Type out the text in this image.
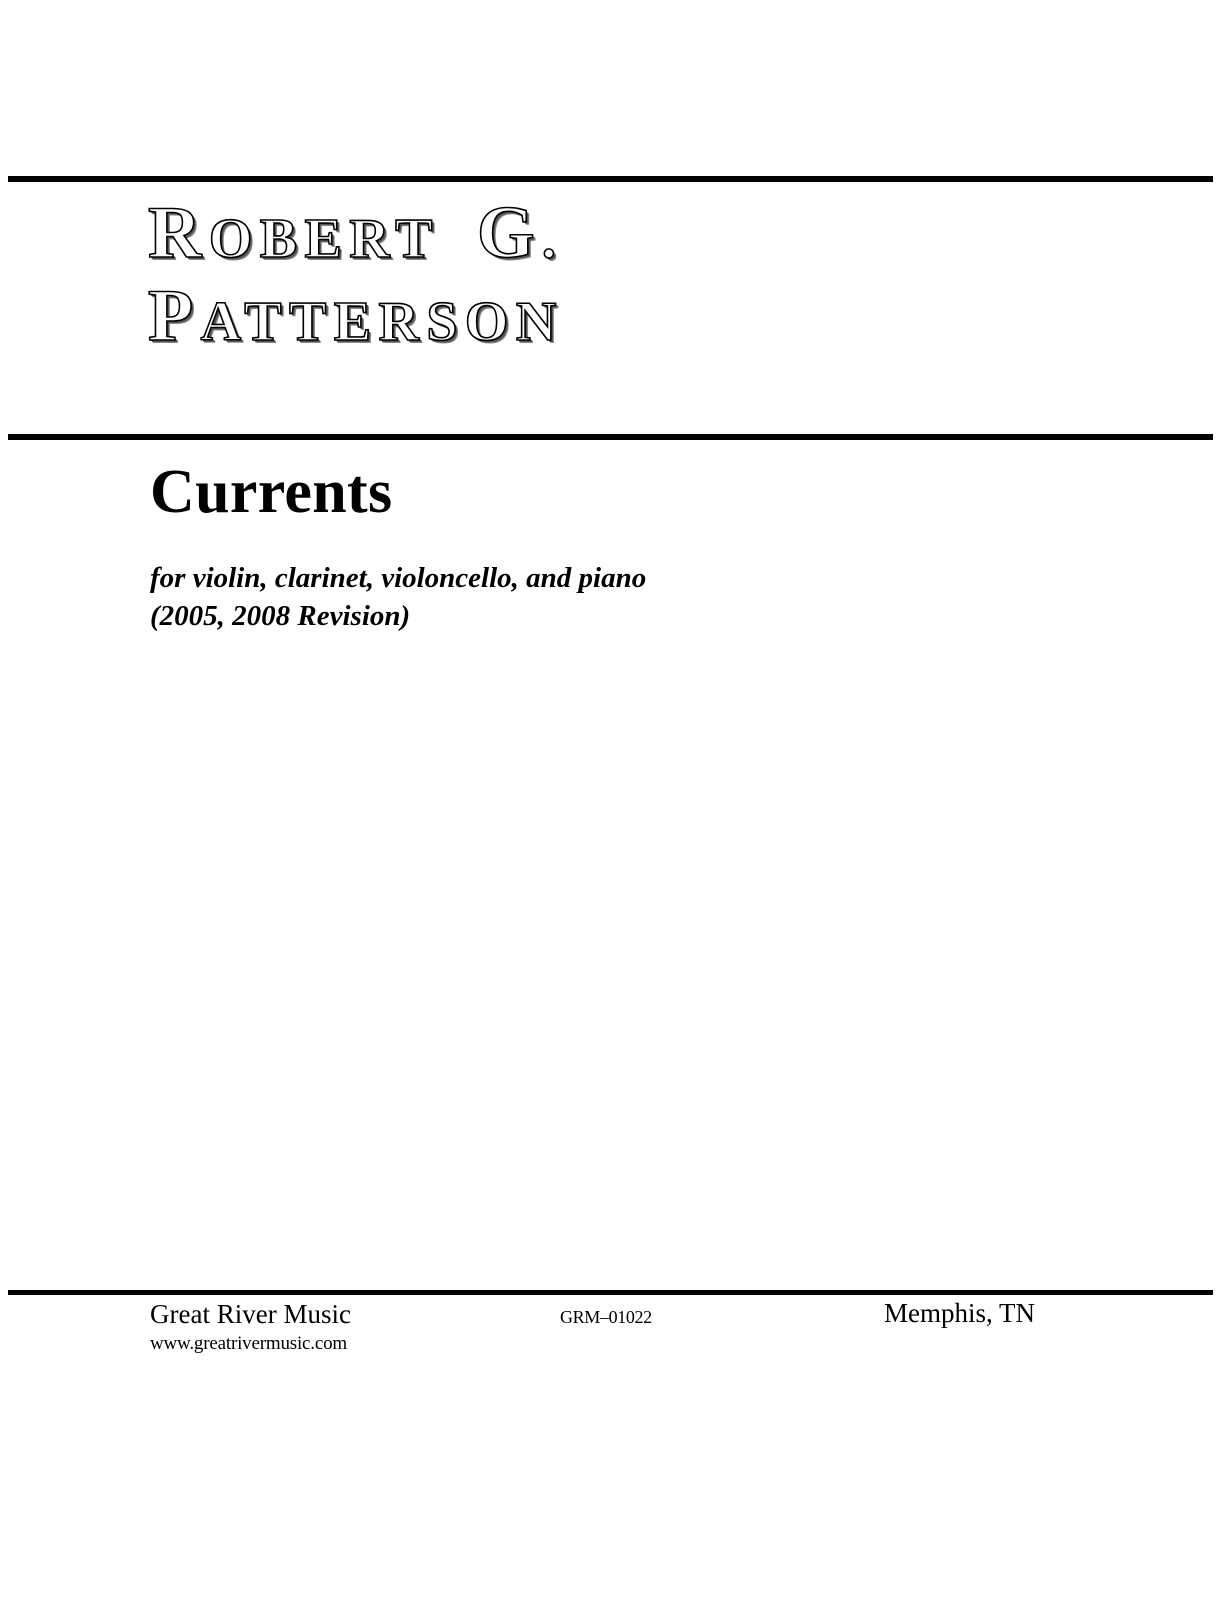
ROBERT G.
PATTERSON
Currents
for violin, clarinet, violoncello, and piano
(2005, 2008 Revision)
Great River Music
www.greatrivermusic.com
GRM–01022	Memphis, TN
